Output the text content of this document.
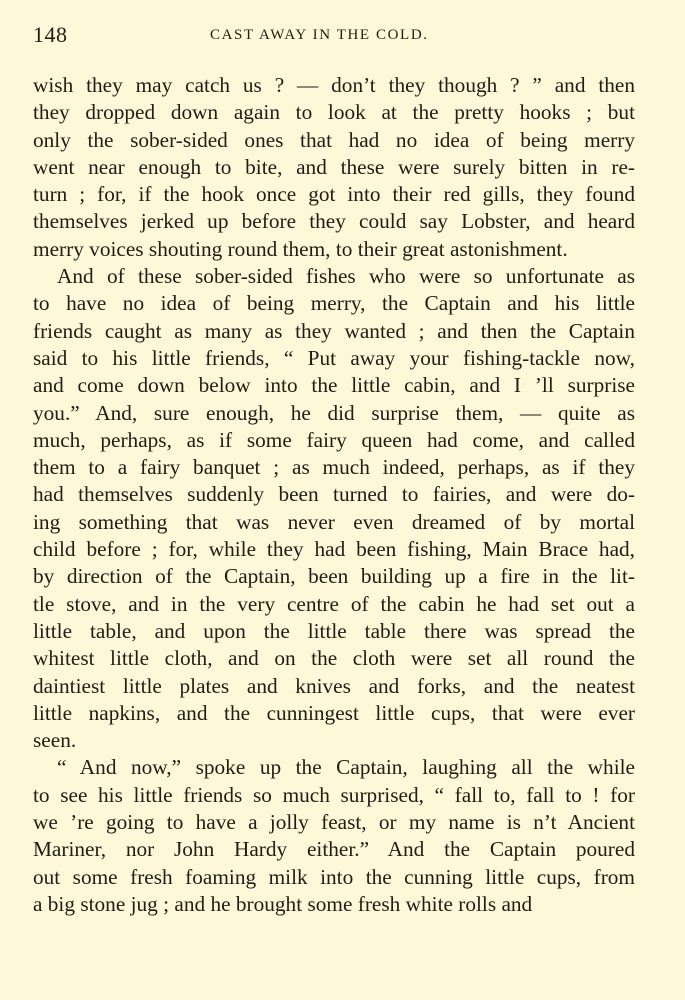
148	CAST AWAY IN THE COLD.
wish they may catch us ? — don’t they though ? ” and then
they dropped down again to look at the pretty hooks ; but
only the sober-sided ones that had no idea of being merry
went near enough to bite, and these were surely bitten in re-
turn ; for, if the hook once got into their red gills, they found
themselves jerked up before they could say Lobster, and heard
merry voices shouting round them, to their great astonishment.
And of these sober-sided fishes who were so unfortunate as
to have no idea of being merry, the Captain and his little
friends caught as many as they wanted ; and then the Captain
said to his little friends, “ Put away your fishing-tackle now,
and come down below into the little cabin, and I ’ll surprise
you.” And, sure enough, he did surprise them, — quite as
much, perhaps, as if some fairy queen had come, and called
them to a fairy banquet ; as much indeed, perhaps, as if they
had themselves suddenly been turned to fairies, and were do-
ing something that was never even dreamed of by mortal
child before ; for, while they had been fishing, Main Brace had,
by direction of the Captain, been building up a fire in the lit-
tle stove, and in the very centre of the cabin he had set out a
little table, and upon the little table there was spread the
whitest little cloth, and on the cloth were set all round the
daintiest little plates and knives and forks, and the neatest
little napkins, and the cunningest little cups, that were ever
seen.
“ And now,” spoke up the Captain, laughing all the while
to see his little friends so much surprised, “ fall to, fall to ! for
we ’re going to have a jolly feast, or my name is n’t Ancient
Mariner, nor John Hardy either.” And the Captain poured
out some fresh foaming milk into the cunning little cups, from
a big stone jug ; and he brought some fresh white rolls and
